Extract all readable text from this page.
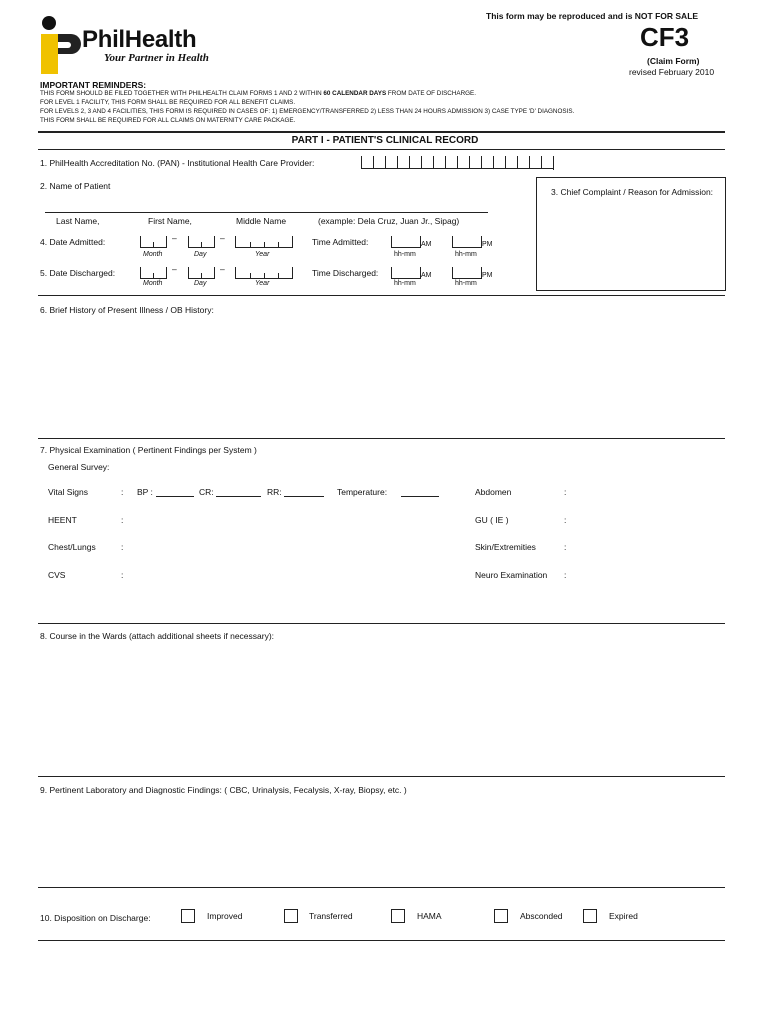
This form may be reproduced and is NOT FOR SALE
CF3
(Claim Form)
revised February 2010
PhilHealth
Your Partner in Health
IMPORTANT REMINDERS:
THIS FORM SHOULD BE FILED TOGETHER WITH PHILHEALTH CLAIM FORMS 1 AND 2 WITHIN 60 CALENDAR DAYS FROM DATE OF DISCHARGE.
FOR LEVEL 1 FACILITY, THIS FORM SHALL BE REQUIRED FOR ALL BENEFIT CLAIMS.
FOR LEVELS 2, 3 AND 4 FACILITIES, THIS FORM IS REQUIRED IN CASES OF: 1) EMERGENCY/TRANSFERRED 2) LESS THAN 24 HOURS ADMISSION 3) CASE TYPE 'D' DIAGNOSIS.
THIS FORM SHALL BE REQUIRED FOR ALL CLAIMS ON MATERNITY CARE PACKAGE.
PART I - PATIENT'S CLINICAL RECORD
1. PhilHealth Accreditation No. (PAN) - Institutional Health Care Provider:
2. Name of Patient
Last Name,	First Name,	Middle Name	(example: Dela Cruz, Juan Jr., Sipag)
3. Chief Complaint / Reason for Admission:
4. Date Admitted:	–	–
Month	Day	Year
Time Admitted:	AM	PM
hh-mm	hh-mm
5. Date Discharged:	–	–
Month	Day	Year
Time Discharged:	AM	PM
hh-mm	hh-mm
6. Brief History of Present Illness / OB History:
7. Physical Examination ( Pertinent Findings per System )
General Survey:
Vital Signs	: BP :	CR:	RR:	Temperature:	Abdomen	:
HEENT	:	GU ( IE )	:
Chest/Lungs	:	Skin/Extremities	:
CVS	:	Neuro Examination :
8. Course in the Wards (attach additional sheets if necessary):
9. Pertinent Laboratory and Diagnostic Findings: ( CBC, Urinalysis, Fecalysis, X-ray, Biopsy, etc. )
10. Disposition on Discharge:	Improved	Transferred	HAMA	Absconded	Expired
